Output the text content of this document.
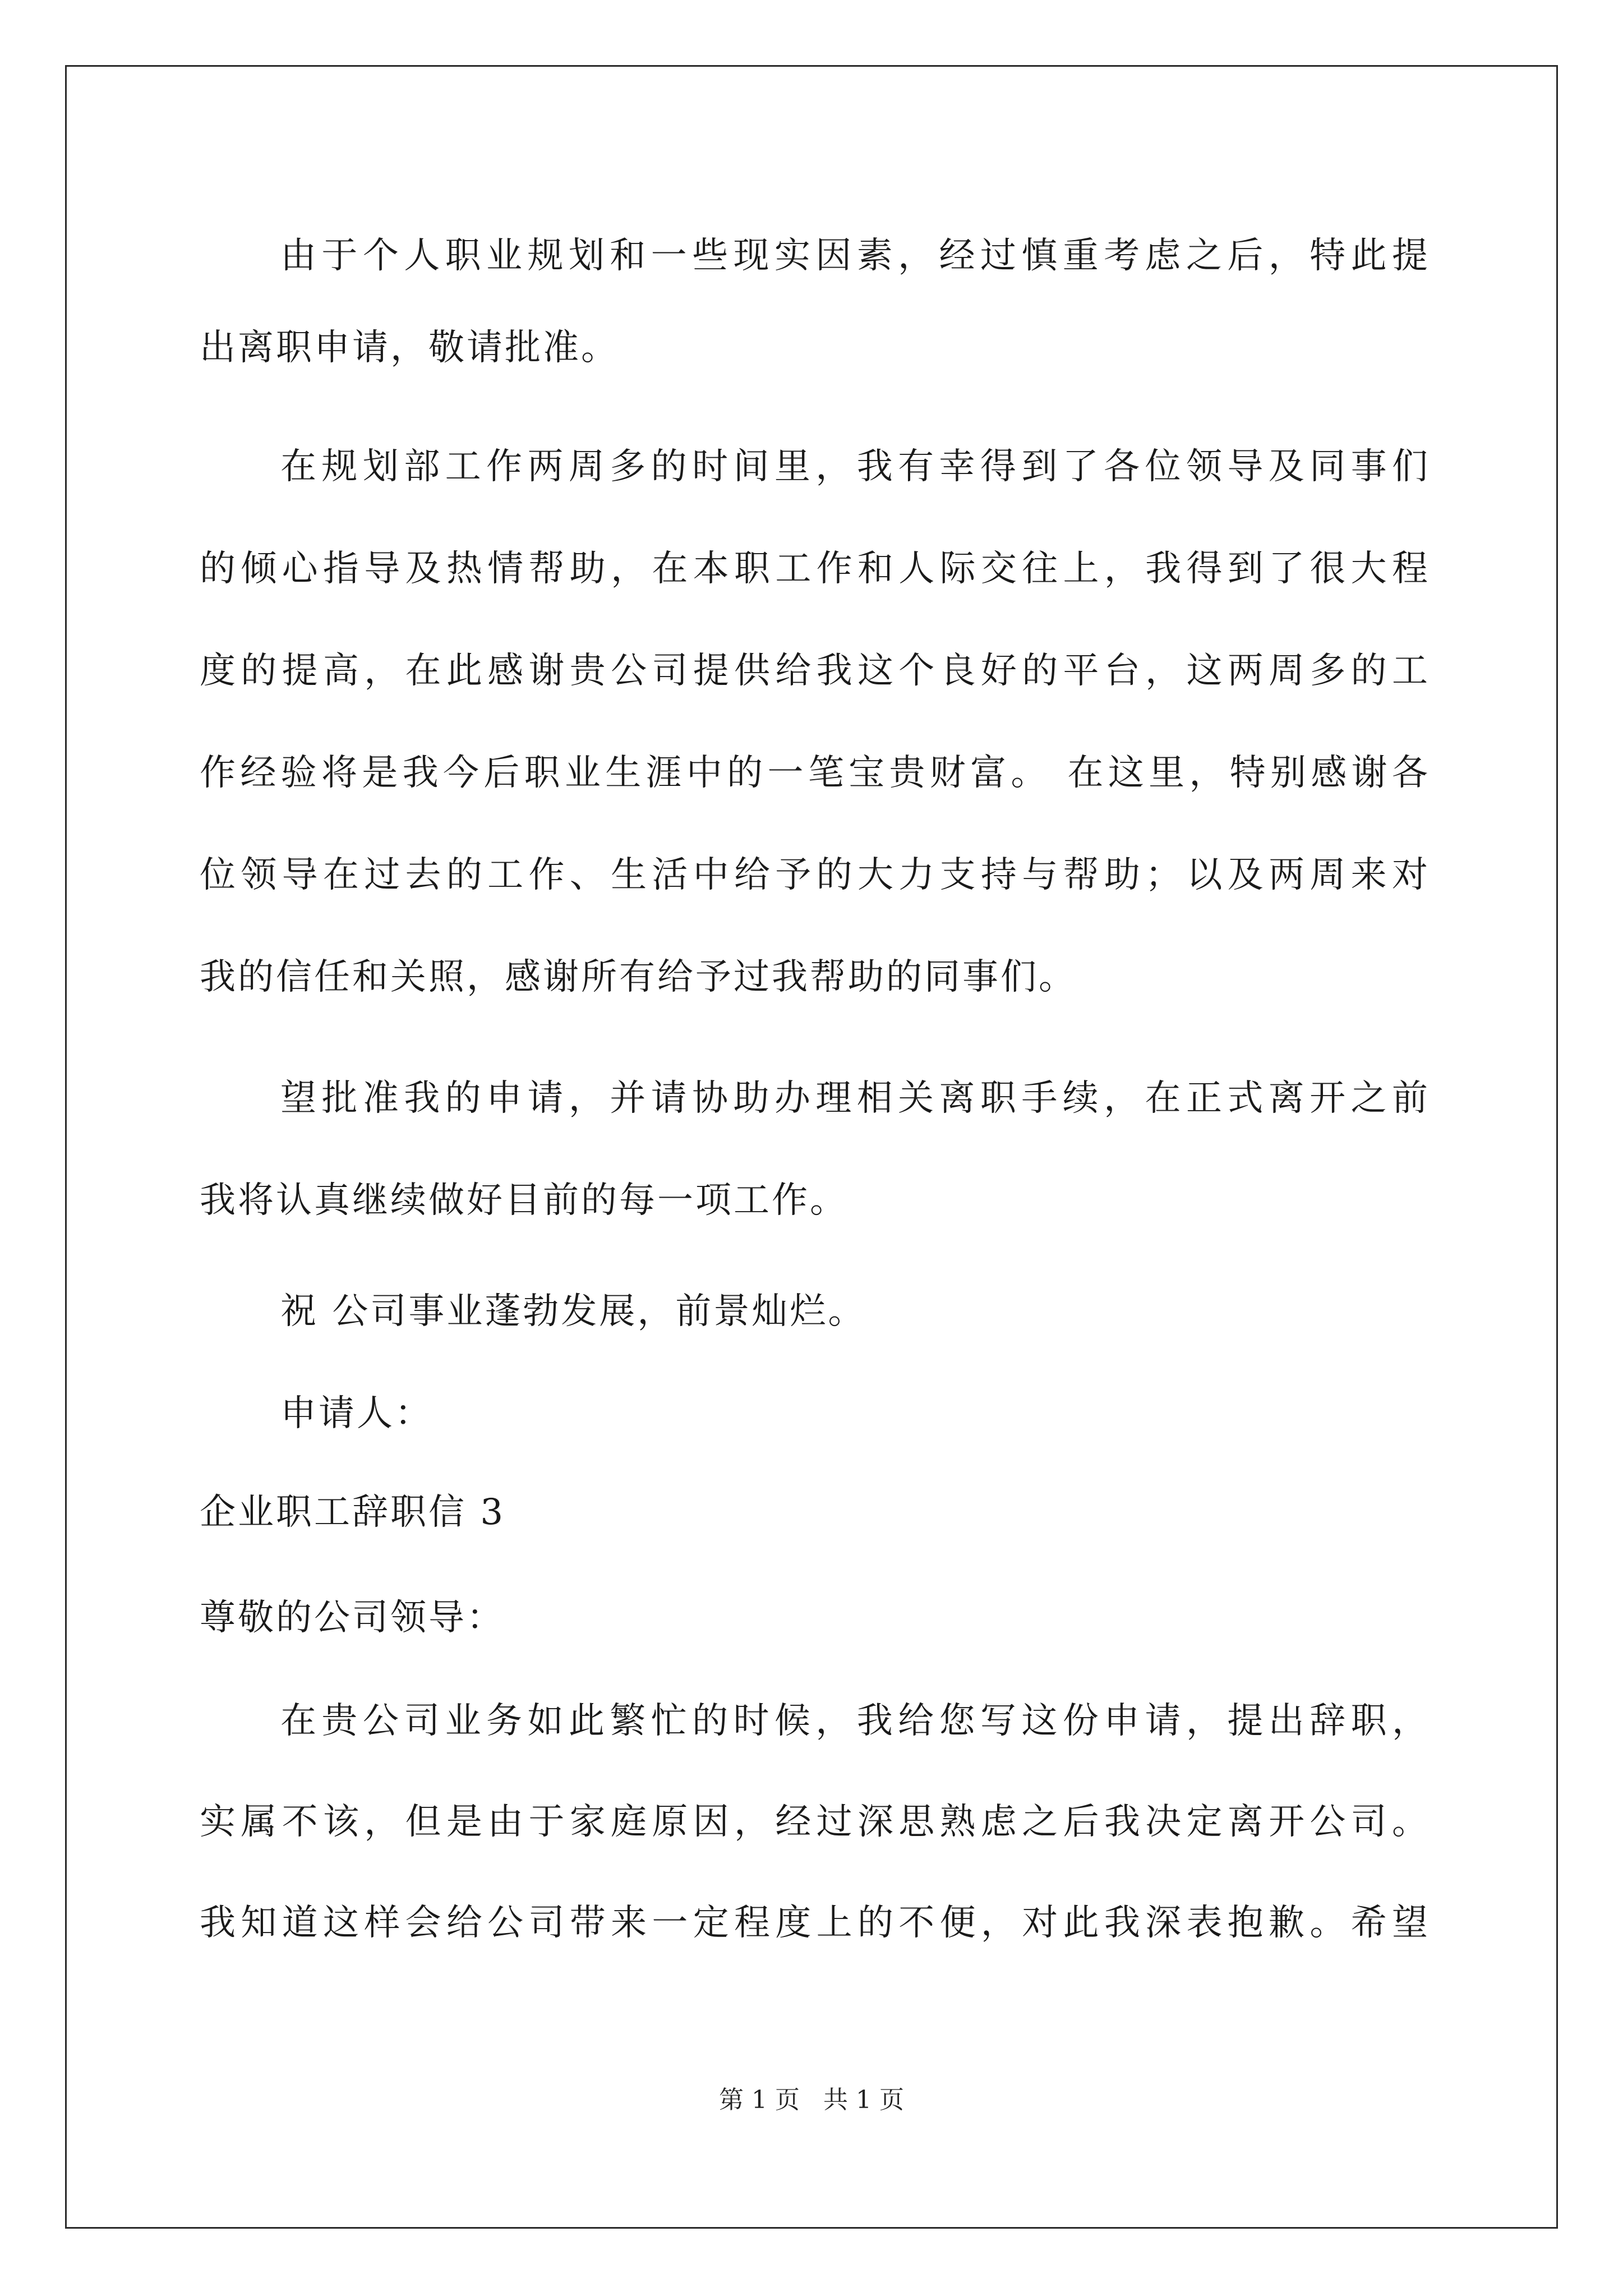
由于个人职业规划和一些现实因素，经过慎重考虑之后，特此提
出离职申请，敬请批准。
在规划部工作两周多的时间里，我有幸得到了各位领导及同事们
的倾心指导及热情帮助，在本职工作和人际交往上，我得到了很大程
度的提高，在此感谢贵公司提供给我这个良好的平台，这两周多的工
作经验将是我今后职业生涯中的一笔宝贵财富。 在这里，特别感谢各
位领导在过去的工作、生活中给予的大力支持与帮助；以及两周来对
我的信任和关照，感谢所有给予过我帮助的同事们。
望批准我的申请，并请协助办理相关离职手续，在正式离开之前
我将认真继续做好目前的每一项工作。
祝 公司事业蓬勃发展，前景灿烂。
申请人：
企业职工辞职信 3
尊敬的公司领导：
在贵公司业务如此繁忙的时候，我给您写这份申请，提出辞职，
实属不该，但是由于家庭原因，经过深思熟虑之后我决定离开公司。
我知道这样会给公司带来一定程度上的不便，对此我深表抱歉。希望
第 1 页 共 1 页
